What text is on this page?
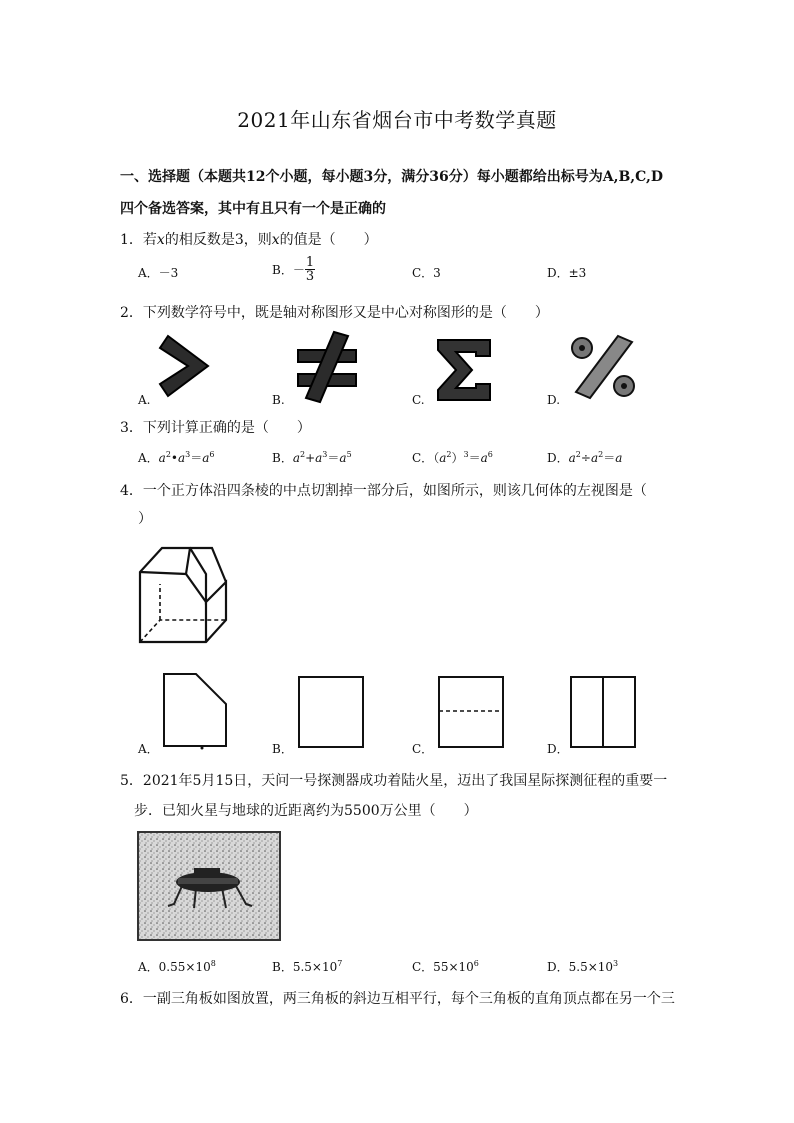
2021年山东省烟台市中考数学真题
一、选择题（本题共12个小题，每小题3分，满分36分）每小题都给出标号为A,B,C,D
四个备选答案，其中有且只有一个是正确的
1．若x的相反数是3，则x的值是（　　）
A．－3	B．－ $\frac{1}{3}$	C．3	D．±3
2．下列数学符号中，既是轴对称图形又是中心对称图形的是（　　）
A.	B.	C.	D.
3．下列计算正确的是（　　）
A．$a^2•a^3=a^6$	B．$a^2+a^3=a^5$	C．$(a^2)^3=a^6$	D．$a^2\div a^2=a$
4．一个正方体沿四条棱的中点切割掉一部分后，如图所示，则该几何体的左视图是（
）
A．	B．	C．	D．
5．2021年5月15日，天问一号探测器成功着陆火星，迈出了我国星际探测征程的重要一
步．已知火星与地球的近距离约为5500万公里（　　）
A．$0.55\times 10^8$	B．$5.5\times 10^7$	C．$55\times 10^6$	D．$5.5\times 10^3$
6．一副三角板如图放置，两三角板的斜边互相平行，每个三角板的直角顶点都在另一个三
